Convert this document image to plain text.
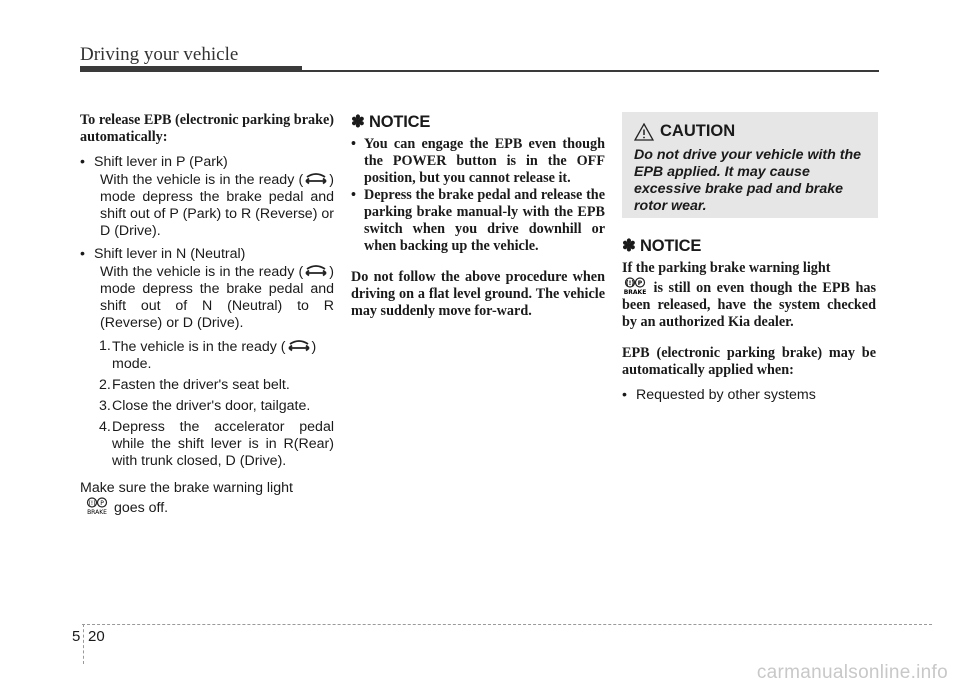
Driving your vehicle
To release EPB (electronic parking brake) automatically:
• Shift lever in P (Park)
With the vehicle is in the ready ( ) mode depress the brake pedal and shift out of P (Park) to R (Reverse) or D (Drive).
• Shift lever in N (Neutral)
With the vehicle is in the ready ( ) mode depress the brake pedal and shift out of N (Neutral) to R (Reverse) or D (Drive).
1. The vehicle is in the ready ( ) mode.
2. Fasten the driver's seat belt.
3. Close the driver's door, tailgate.
4. Depress the accelerator pedal while the shift lever is in R(Rear) with trunk closed, D (Drive).
Make sure the brake warning light

(!) P
BRAKE goes off.
✽ NOTICE
• You can engage the EPB even though the POWER button is in the OFF position, but you cannot release it.
• Depress the brake pedal and release the parking brake manual-ly with the EPB switch when you drive downhill or when backing up the vehicle.
Do not follow the above procedure when driving on a flat level ground. The vehicle may suddenly move for-ward.
CAUTION
Do not drive your vehicle with the EPB applied. It may cause excessive brake pad and brake rotor wear.
✽ NOTICE
If the parking brake warning light

(!) P
BRAKE is still on even though the EPB has been released, have the system checked by an authorized Kia dealer.
EPB (electronic parking brake) may be automatically applied when:
• Requested by other systems
5 20
carmanualsonline.info
